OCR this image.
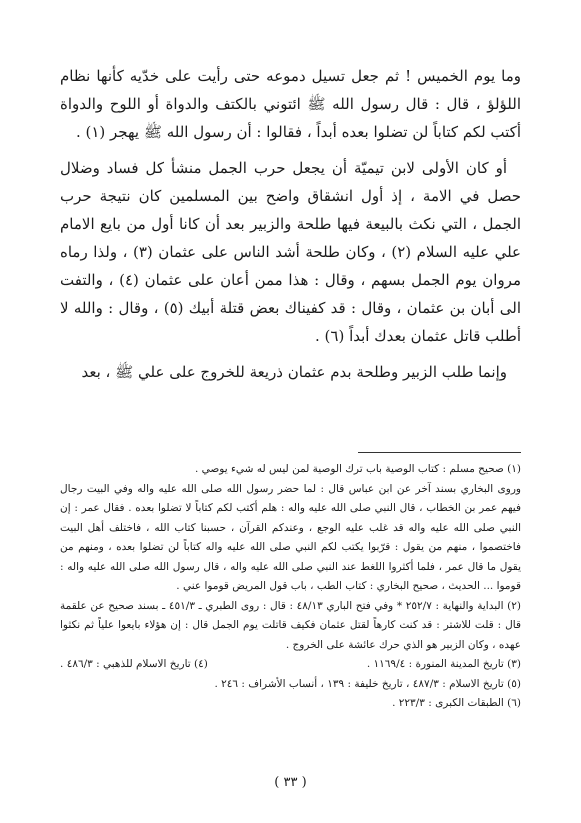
وما يوم الخميس ! ثم جعل تسيل دموعه حتى رأيت على خدّيه كأنها نظام اللؤلؤ ، قال : قال رسول الله ﷺ ائتوني بالكتف والدواة أو اللوح والدواة أكتب لكم كتاباً لن تضلوا بعده أبداً ، فقالوا : أن رسول الله ﷺ يهجر (١) .

أو كان الأولى لابن تيميّة أن يجعل حرب الجمل منشأ كل فساد وضلال حصل في الامة ، إذ أول انشقاق واضح بين المسلمين كان نتيجة حرب الجمل ، التي نكث بالبيعة فيها طلحة والزبير بعد أن كانا أول من بايع الامام علي عليه السلام (٢) ، وكان طلحة أشد الناس على عثمان (٣) ، ولذا رماه مروان يوم الجمل بسهم ، وقال : هذا ممن أعان على عثمان (٤) ، والتفت الى أبان بن عثمان ، وقال : قد كفيناك بعض قتلة أبيك (٥) ، وقال : والله لا أطلب قاتل عثمان بعدك أبداً (٦) .

وإنما طلب الزبير وطلحة بدم عثمان ذريعة للخروج على علي ﷺ ، بعد

(١) صحيح مسلم : كتاب الوصية باب ترك الوصية لمن ليس له شيء يوصي .

وروى البخاري بسند آخر عن ابن عباس قال : لما حضر رسول الله صلى الله عليه واله وفي البيت رجال فيهم عمر بن الخطاب ، قال النبي صلى الله عليه واله : هلم أكتب لكم كتاباً لا تضلوا بعده . فقال عمر : إن النبي صلى الله عليه واله قد غلب عليه الوجع ، وعندكم القرآن ، حسبنا كتاب الله ، فاختلف أهل البيت فاختصموا ، منهم من يقول : قرّبوا يكتب لكم النبي صلى الله عليه واله كتاباً لن تضلوا بعده ، ومنهم من يقول ما قال عمر ، فلما أكثروا اللغط عند النبي صلى الله عليه واله ، قال رسول الله صلى الله عليه واله : قوموا ... الحديث ، صحيح البخاري : كتاب الطب ، باب قول المريض قوموا عني .

(٢) البداية والنهاية : ٢٥٢/٧ * وفي فتح الباري ٤٨/١٣ : قال : روى الطبري ـ ٤٥١/٣ ـ بسند صحيح عن علقمة قال : قلت للاشتر : قد كنت كارهاً لقتل عثمان فكيف قاتلت يوم الجمل قال : إن هؤلاء بايعوا علياً ثم نكثوا عهده ، وكان الزبير هو الذي حرك عائشة على الخروج .

(٣) تاريخ المدينة المنورة : ١١٦٩/٤ .
(٤) تاريخ الاسلام للذهبي : ٤٨٦/٣ .

(٥) تاريخ الاسلام : ٤٨٧/٣ ، تاريخ خليفة : ١٣٩ ، أنساب الأشراف : ٢٤٦ .

(٦) الطبقات الكبرى : ٢٢٣/٣ .

( ٣٣ )
